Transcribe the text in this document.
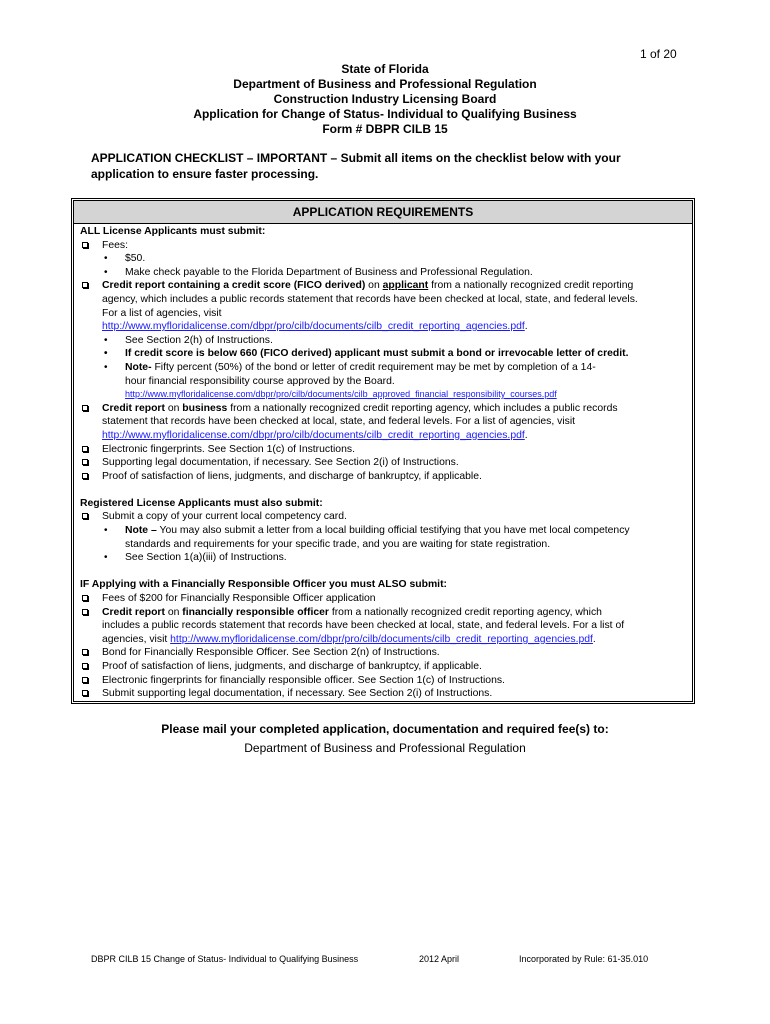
1 of 20
State of Florida
Department of Business and Professional Regulation
Construction Industry Licensing Board
Application for Change of Status- Individual to Qualifying Business
Form # DBPR CILB 15
APPLICATION CHECKLIST – IMPORTANT – Submit all items on the checklist below with your
application to ensure faster processing.
APPLICATION REQUIREMENTS
ALL License Applicants must submit:
Fees:
• $50.
• Make check payable to the Florida Department of Business and Professional Regulation.
Credit report containing a credit score (FICO derived) on applicant from a nationally recognized credit reporting
agency, which includes a public records statement that records have been checked at local, state, and federal levels.
For a list of agencies, visit
http://www.myfloridalicense.com/dbpr/pro/cilb/documents/cilb_credit_reporting_agencies.pdf.
• See Section 2(h) of Instructions.
• If credit score is below 660 (FICO derived) applicant must submit a bond or irrevocable letter of credit.
• Note- Fifty percent (50%) of the bond or letter of credit requirement may be met by completion of a 14-
hour financial responsibility course approved by the Board.
http://www.myfloridalicense.com/dbpr/pro/cilb/documents/cilb_approved_financial_responsibility_courses.pdf
Credit report on business from a nationally recognized credit reporting agency, which includes a public records
statement that records have been checked at local, state, and federal levels. For a list of agencies, visit
http://www.myfloridalicense.com/dbpr/pro/cilb/documents/cilb_credit_reporting_agencies.pdf.
Electronic fingerprints. See Section 1(c) of Instructions.
Supporting legal documentation, if necessary. See Section 2(i) of Instructions.
Proof of satisfaction of liens, judgments, and discharge of bankruptcy, if applicable.
Registered License Applicants must also submit:
Submit a copy of your current local competency card.
• Note – You may also submit a letter from a local building official testifying that you have met local competency
standards and requirements for your specific trade, and you are waiting for state registration.
• See Section 1(a)(iii) of Instructions.
IF Applying with a Financially Responsible Officer you must ALSO submit:
Fees of $200 for Financially Responsible Officer application
Credit report on financially responsible officer from a nationally recognized credit reporting agency, which
includes a public records statement that records have been checked at local, state, and federal levels. For a list of
agencies, visit http://www.myfloridalicense.com/dbpr/pro/cilb/documents/cilb_credit_reporting_agencies.pdf.
Bond for Financially Responsible Officer. See Section 2(n) of Instructions.
Proof of satisfaction of liens, judgments, and discharge of bankruptcy, if applicable.
Electronic fingerprints for financially responsible officer. See Section 1(c) of Instructions.
Submit supporting legal documentation, if necessary. See Section 2(i) of Instructions.
Please mail your completed application, documentation and required fee(s) to:
Department of Business and Professional Regulation
DBPR CILB 15 Change of Status- Individual to Qualifying Business	2012 April	Incorporated by Rule: 61-35.010
